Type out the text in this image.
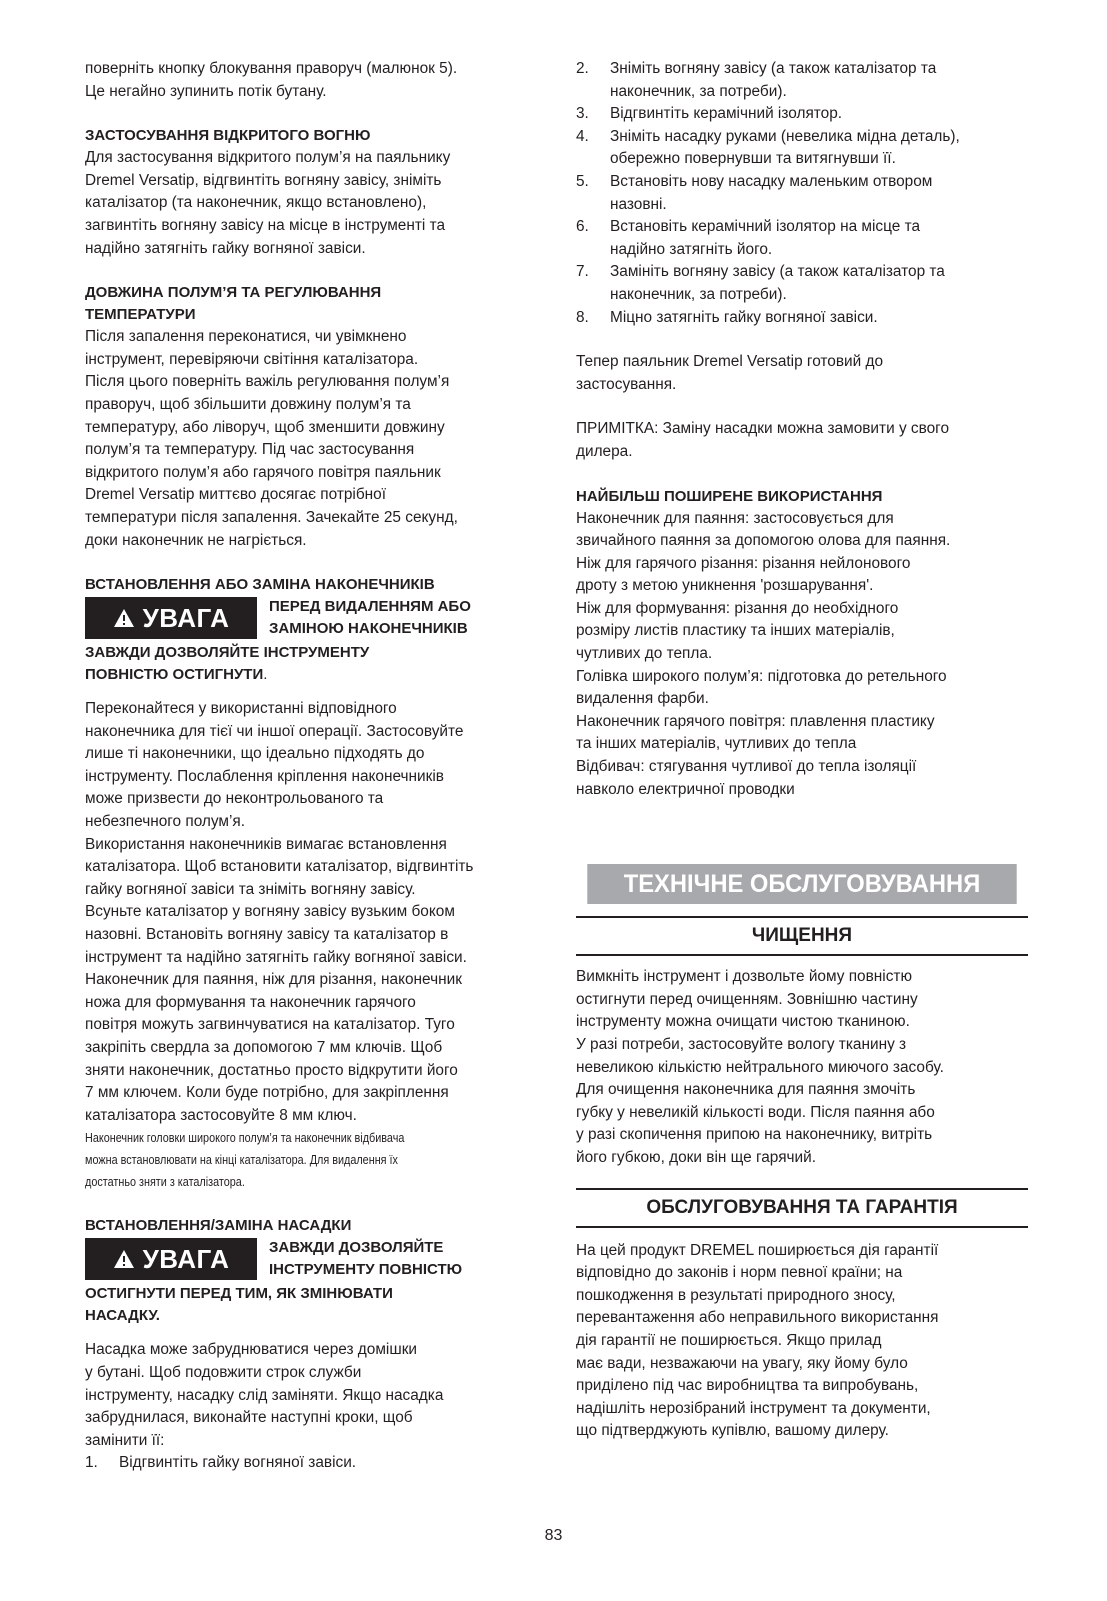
поверніть кнопку блокування праворуч (малюнок 5).

Це негайно зупинить потік бутану.

ЗАСТОСУВАННЯ ВІДКРИТОГО ВОГНЮ

Для застосування відкритого полум’я на паяльнику

Dremel Versatip, відгвинтіть вогняну завісу, зніміть

каталізатор (та наконечник, якщо встановлено),

загвинтіть вогняну завісу на місце в інструменті та

надійно затягніть гайку вогняної завіси.

ДОВЖИНА ПОЛУМ’Я ТА РЕГУЛЮВАННЯ

ТЕМПЕРАТУРИ

Після запалення переконатися, чи увімкнено

інструмент, перевіряючи світіння каталізатора.

Після цього поверніть важіль регулювання полум’я

праворуч, щоб збільшити довжину полум’я та

температуру, або ліворуч, щоб зменшити довжину

полум’я та температуру. Під час застосування

відкритого полум’я або гарячого повітря паяльник

Dremel Versatip миттєво досягає потрібної

температури після запалення. Зачекайте 25 секунд,

доки наконечник не нагріється.

ВСТАНОВЛЕННЯ АБО ЗАМІНА НАКОНЕЧНИКІВ

УВАГА	ПЕРЕД ВИДАЛЕННЯМ АБО

ЗАМІНОЮ НАКОНЕЧНИКІВ

ЗАВЖДИ ДОЗВОЛЯЙТЕ ІНСТРУМЕНТУ

ПОВНІСТЮ ОСТИГНУТИ.

Переконайтеся у використанні відповідного

наконечника для тієї чи іншої операції. Застосовуйте

лише ті наконечники, що ідеально підходять до

інструменту. Послаблення кріплення наконечників

може призвести до неконтрольованого та

небезпечного полум’я.

Використання наконечників вимагає встановлення

каталізатора. Щоб встановити каталізатор, відгвинтіть

гайку вогняної завіси та зніміть вогняну завісу.

Всуньте каталізатор у вогняну завісу вузьким боком

назовні. Встановіть вогняну завісу та каталізатор в

інструмент та надійно затягніть гайку вогняної завіси.

Наконечник для паяння, ніж для різання, наконечник

ножа для формування та наконечник гарячого

повітря можуть загвинчуватися на каталізатор. Туго

закріпіть свердла за допомогою 7 мм ключів. Щоб

зняти наконечник, достатньо просто відкрутити його

7 мм ключем. Коли буде потрібно, для закріплення

каталізатора застосовуйте 8 мм ключ.

Наконечник головки широкого полум’я та наконечник відбивача

можна встановлювати на кінці каталізатора. Для видалення їх

достатньо зняти з каталізатора.

ВСТАНОВЛЕННЯ/ЗАМІНА НАСАДКИ

УВАГА	ЗАВЖДИ ДОЗВОЛЯЙТЕ

ІНСТРУМЕНТУ ПОВНІСТЮ

ОСТИГНУТИ ПЕРЕД ТИМ, ЯК ЗМІНЮВАТИ

НАСАДКУ.

Насадка може забруднюватися через домішки

у бутані. Щоб подовжити строк служби

інструменту, насадку слід заміняти. Якщо насадка

забруднилася, виконайте наступні кроки, щоб

замінити її:

1.	Відгвинтіть гайку вогняної завіси.
2.	Зніміть вогняну завісу (а також каталізатор та
наконечник, за потреби).
3.	Відгвинтіть керамічний ізолятор.
4.	Зніміть насадку руками (невелика мідна деталь),
обережно повернувши та витягнувши її.
5.	Встановіть нову насадку маленьким отвором
назовні.
6.	Встановіть керамічний ізолятор на місце та
надійно затягніть його.
7.	Замініть вогняну завісу (а також каталізатор та
наконечник, за потреби).
8.	Міцно затягніть гайку вогняної завіси.

Тепер паяльник Dremel Versatip готовий до

застосування.

ПРИМІТКА: Заміну насадки можна замовити у свого

дилера.

НАЙБІЛЬШ ПОШИРЕНЕ ВИКОРИСТАННЯ

Наконечник для паяння: застосовується для

звичайного паяння за допомогою олова для паяння.

Ніж для гарячого різання: різання нейлонового

дроту з метою уникнення 'розшарування'.

Ніж для формування: різання до необхідного

розміру листів пластику та інших матеріалів,

чутливих до тепла.

Голівка широкого полум’я: підготовка до ретельного

видалення фарби.

Наконечник гарячого повітря: плавлення пластику

та інших матеріалів, чутливих до тепла

Відбивач: стягування чутливої до тепла ізоляції

навколо електричної проводки

ТЕХНІЧНЕ ОБСЛУГОВУВАННЯ
ЧИЩЕННЯ

Вимкніть інструмент і дозвольте йому повністю

остигнути перед очищенням. Зовнішню частину

інструменту можна очищати чистою тканиною.

У разі потреби, застосовуйте вологу тканину з

невеликою кількістю нейтрального миючого засобу.

Для очищення наконечника для паяння змочіть

губку у невеликій кількості води. Після паяння або

у разі скопичення припою на наконечнику, витріть

його губкою, доки він ще гарячий.

ОБСЛУГОВУВАННЯ ТА ГАРАНТІЯ

На цей продукт DREMEL поширюється дія гарантії

відповідно до законів і норм певної країни; на

пошкодження в результаті природного зносу,

перевантаження або неправильного використання

дія гарантії не поширюється. Якщо прилад

має вади, незважаючи на увагу, яку йому було

приділено під час виробництва та випробувань,

надішліть нерозібраний інструмент та документи,

що підтверджують купівлю, вашому дилеру.

83
